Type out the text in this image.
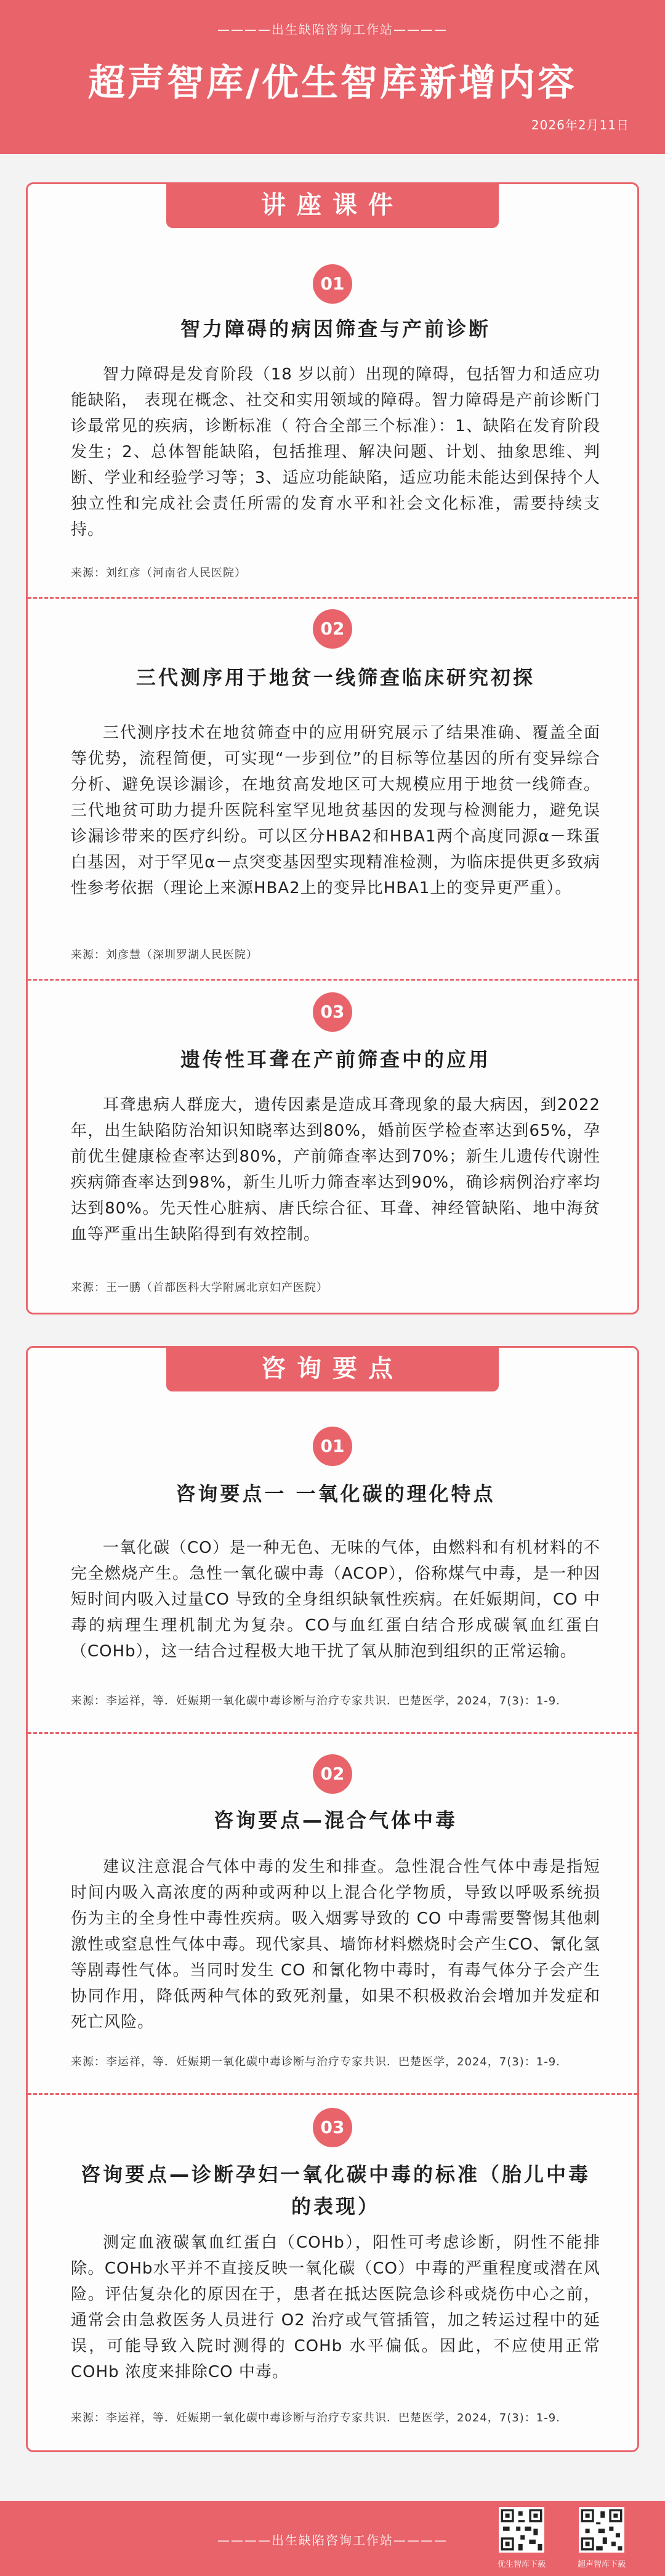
————出生缺陷咨询工作站————
超声智库/优生智库新增内容
2026年2月11日
讲座课件
01
智力障碍的病因筛查与产前诊断
智力障碍是发育阶段（18 岁以前）出现的障碍，包括智力和适应功能缺陷， 表现在概念、社交和实用领域的障碍。智力障碍是产前诊断门诊最常见的疾病，诊断标准（ 符合全部三个标准）：1、缺陷在发育阶段发生；2、总体智能缺陷，包括推理、解决问题、计划、抽象思维、判断、学业和经验学习等；3、适应功能缺陷，适应功能未能达到保持个人独立性和完成社会责任所需的发育水平和社会文化标准，需要持续支持。
来源：刘红彦（河南省人民医院）
02
三代测序用于地贫一线筛查临床研究初探
三代测序技术在地贫筛查中的应用研究展示了结果准确、覆盖全面等优势，流程简便，可实现“一步到位”的目标等位基因的所有变异综合分析、避免误诊漏诊，在地贫高发地区可大规模应用于地贫一线筛查。三代地贫可助力提升医院科室罕见地贫基因的发现与检测能力，避免误诊漏诊带来的医疗纠纷。可以区分HBA2和HBA1两个高度同源α－珠蛋白基因，对于罕见α－点突变基因型实现精准检测，为临床提供更多致病性参考依据（理论上来源HBA2上的变异比HBA1上的变异更严重）。
来源：刘彦慧（深圳罗湖人民医院）
03
遗传性耳聋在产前筛查中的应用
耳聋患病人群庞大，遗传因素是造成耳聋现象的最大病因，到2022年，出生缺陷防治知识知晓率达到80%，婚前医学检查率达到65%，孕前优生健康检查率达到80%，产前筛查率达到70%；新生儿遗传代谢性疾病筛查率达到98%，新生儿听力筛查率达到90%，确诊病例治疗率均达到80%。先天性心脏病、唐氏综合征、耳聋、神经管缺陷、地中海贫血等严重出生缺陷得到有效控制。
来源：王一鹏（首都医科大学附属北京妇产医院）
咨询要点
01
咨询要点一 一氧化碳的理化特点
一氧化碳（CO）是一种无色、无味的气体，由燃料和有机材料的不完全燃烧产生。急性一氧化碳中毒（ACOP），俗称煤气中毒，是一种因短时间内吸入过量CO 导致的全身组织缺氧性疾病。在妊娠期间，CO 中毒的病理生理机制尤为复杂。CO与血红蛋白结合形成碳氧血红蛋白（COHb），这一结合过程极大地干扰了氧从肺泡到组织的正常运输。
来源：李运祥，等．妊娠期一氧化碳中毒诊断与治疗专家共识．巴楚医学，2024，7(3)：1-9.
02
咨询要点—混合气体中毒
建议注意混合气体中毒的发生和排查。急性混合性气体中毒是指短时间内吸入高浓度的两种或两种以上混合化学物质，导致以呼吸系统损伤为主的全身性中毒性疾病。吸入烟雾导致的 CO 中毒需要警惕其他刺激性或窒息性气体中毒。现代家具、墙饰材料燃烧时会产生CO、氰化氢等剧毒性气体。当同时发生 CO 和氰化物中毒时，有毒气体分子会产生协同作用，降低两种气体的致死剂量，如果不积极救治会增加并发症和死亡风险。
来源：李运祥，等．妊娠期一氧化碳中毒诊断与治疗专家共识．巴楚医学，2024，7(3)：1-9.
03
咨询要点—诊断孕妇一氧化碳中毒的标准（胎儿中毒的表现）
测定血液碳氧血红蛋白（COHb），阳性可考虑诊断，阴性不能排除。COHb水平并不直接反映一氧化碳（CO）中毒的严重程度或潜在风险。评估复杂化的原因在于，患者在抵达医院急诊科或烧伤中心之前，通常会由急救医务人员进行 O2 治疗或气管插管，加之转运过程中的延误，可能导致入院时测得的 COHb 水平偏低。因此，不应使用正常 COHb 浓度来排除CO 中毒。
来源：李运祥，等．妊娠期一氧化碳中毒诊断与治疗专家共识．巴楚医学，2024，7(3)：1-9.
————出生缺陷咨询工作站————
优生智库下载	超声智库下载
